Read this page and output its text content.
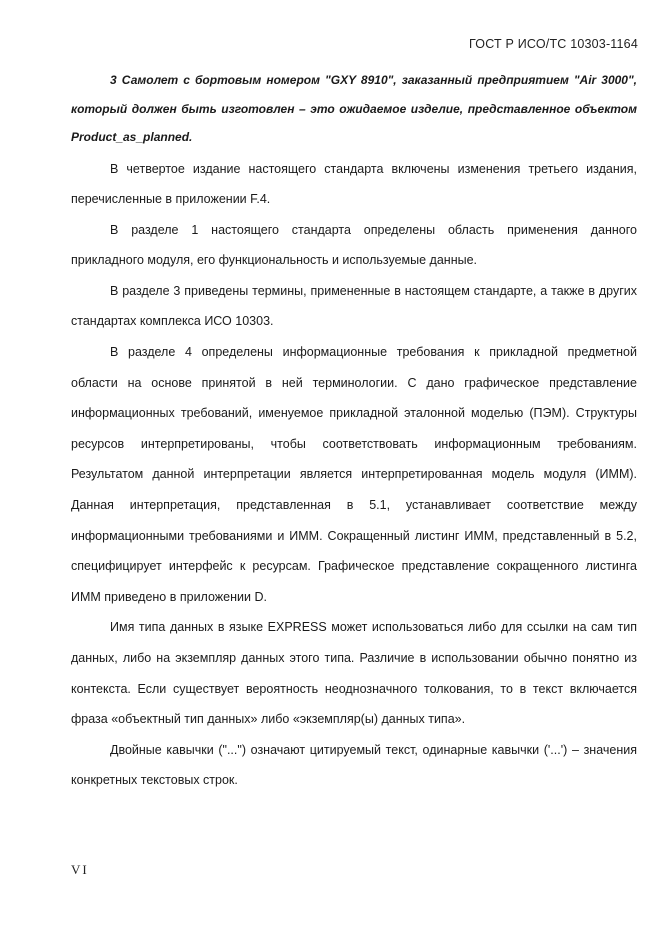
ГОСТ Р ИСО/ТС 10303-1164

3 Самолет с бортовым номером "GXY 8910", заказанный предприятием "Air 3000", который должен быть изготовлен – это ожидаемое изделие, представленное объектом Product_as_planned.

В четвертое издание настоящего стандарта включены изменения третьего издания, перечисленные в приложении F.4.

В разделе 1 настоящего стандарта определены область применения данного прикладного модуля, его функциональность и используемые данные.

В разделе 3 приведены термины, примененные в настоящем стандарте, а также в других стандартах комплекса ИСО 10303.

В разделе 4 определены информационные требования к прикладной предметной области на основе принятой в ней терминологии. С дано графическое представление информационных требований, именуемое прикладной эталонной моделью (ПЭМ). Структуры ресурсов интерпретированы, чтобы соответствовать информационным требованиям. Результатом данной интерпретации является интерпретированная модель модуля (ИММ). Данная интерпретация, представленная в 5.1, устанавливает соответствие между информационными требованиями и ИММ. Сокращенный листинг ИММ, представленный в 5.2, специфицирует интерфейс к ресурсам. Графическое представление сокращенного листинга ИММ приведено в приложении D.

Имя типа данных в языке EXPRESS может использоваться либо для ссылки на сам тип данных, либо на экземпляр данных этого типа. Различие в использовании обычно понятно из контекста. Если существует вероятность неоднозначного толкования, то в текст включается фраза «объектный тип данных» либо «экземпляр(ы) данных типа».

Двойные кавычки ("...") означают цитируемый текст, одинарные кавычки ('...') – значения конкретных текстовых строк.

VI
